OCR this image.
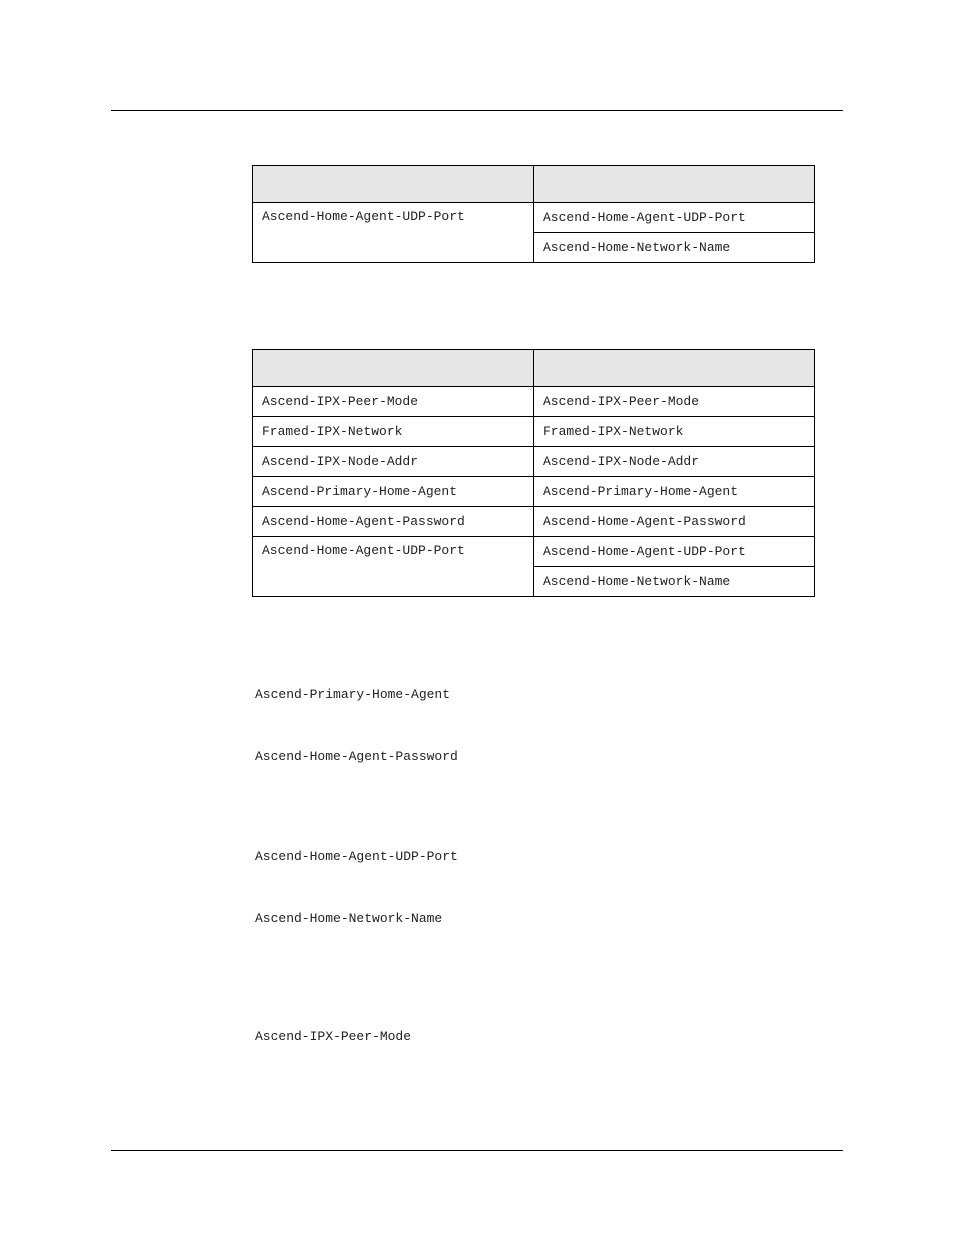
Ascend-Home-Agent-UDP-Port	Ascend-Home-Agent-UDP-Port
	Ascend-Home-Network-Name

Ascend-IPX-Peer-Mode	Ascend-IPX-Peer-Mode
Framed-IPX-Network	Framed-IPX-Network
Ascend-IPX-Node-Addr	Ascend-IPX-Node-Addr
Ascend-Primary-Home-Agent	Ascend-Primary-Home-Agent
Ascend-Home-Agent-Password	Ascend-Home-Agent-Password
Ascend-Home-Agent-UDP-Port	Ascend-Home-Agent-UDP-Port
	Ascend-Home-Network-Name
Ascend-Primary-Home-Agent
Ascend-Home-Agent-Password
Ascend-Home-Agent-UDP-Port
Ascend-Home-Network-Name
Ascend-IPX-Peer-Mode
